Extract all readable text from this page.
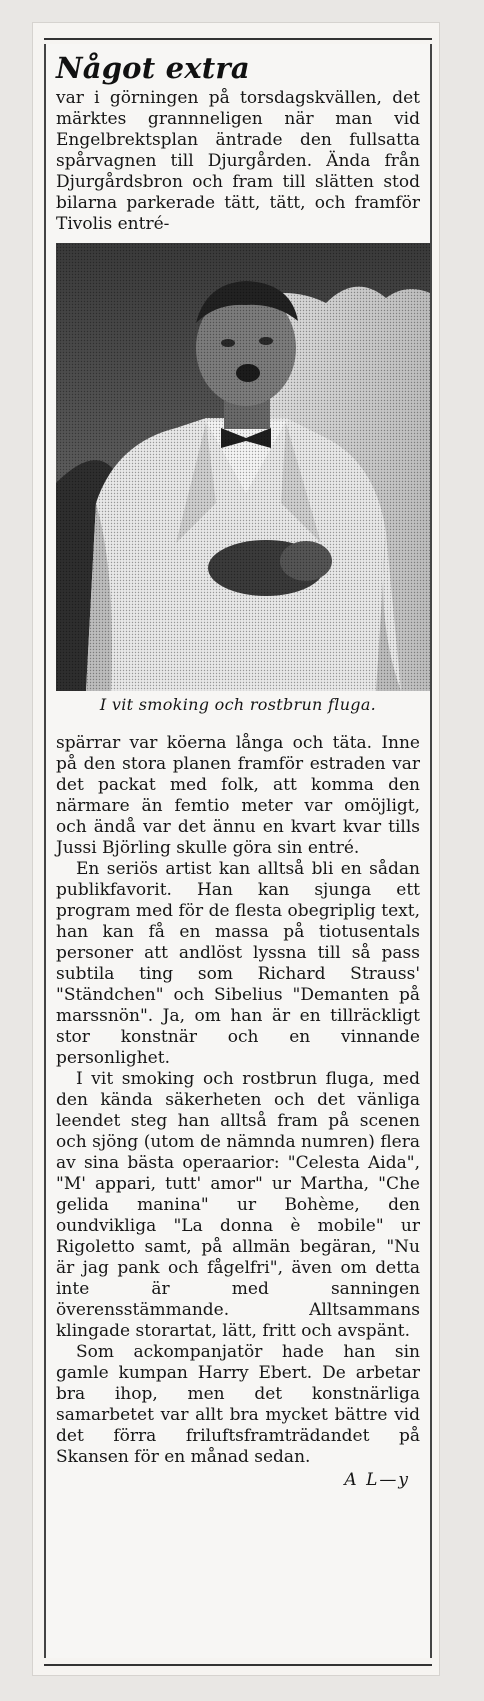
Något extra

var i görningen på torsdagskvällen, det märktes grannneligen när man vid Engelbrektsplan äntrade den fullsatta spårvagnen till Djurgården. Ända från Djurgårdsbron och fram till slätten stod bilarna parkerade tätt, tätt, och framför Tivolis entré-

I vit smoking och rostbrun fluga.

spärrar var köerna långa och täta. Inne på den stora planen framför estraden var det packat med folk, att komma den närmare än femtio meter var omöjligt, och ändå var det ännu en kvart kvar tills Jussi Björling skulle göra sin entré.

En seriös artist kan alltså bli en sådan publikfavorit. Han kan sjunga ett program med för de flesta obegriplig text, han kan få en massa på tiotusentals personer att andlöst lyssna till så pass subtila ting som Richard Strauss' "Ständchen" och Sibelius "Demanten på marssnön". Ja, om han är en tillräckligt stor konstnär och en vinnande personlighet.

I vit smoking och rostbrun fluga, med den kända säkerheten och det vänliga leendet steg han alltså fram på scenen och sjöng (utom de nämnda numren) flera av sina bästa operaarior: "Celesta Aida", "M' appari, tutt' amor" ur Martha, "Che gelida manina" ur Bohème, den oundvikliga "La donna è mobile" ur Rigoletto samt, på allmän begäran, "Nu är jag pank och fågelfri", även om detta inte är med sanningen överensstämmande. Alltsammans klingade storartat, lätt, fritt och avspänt.

Som ackompanjatör hade han sin gamle kumpan Harry Ebert. De arbetar bra ihop, men det konstnärliga samarbetet var allt bra mycket bättre vid det förra friluftsframträdandet på Skansen för en månad sedan.

A L—y
